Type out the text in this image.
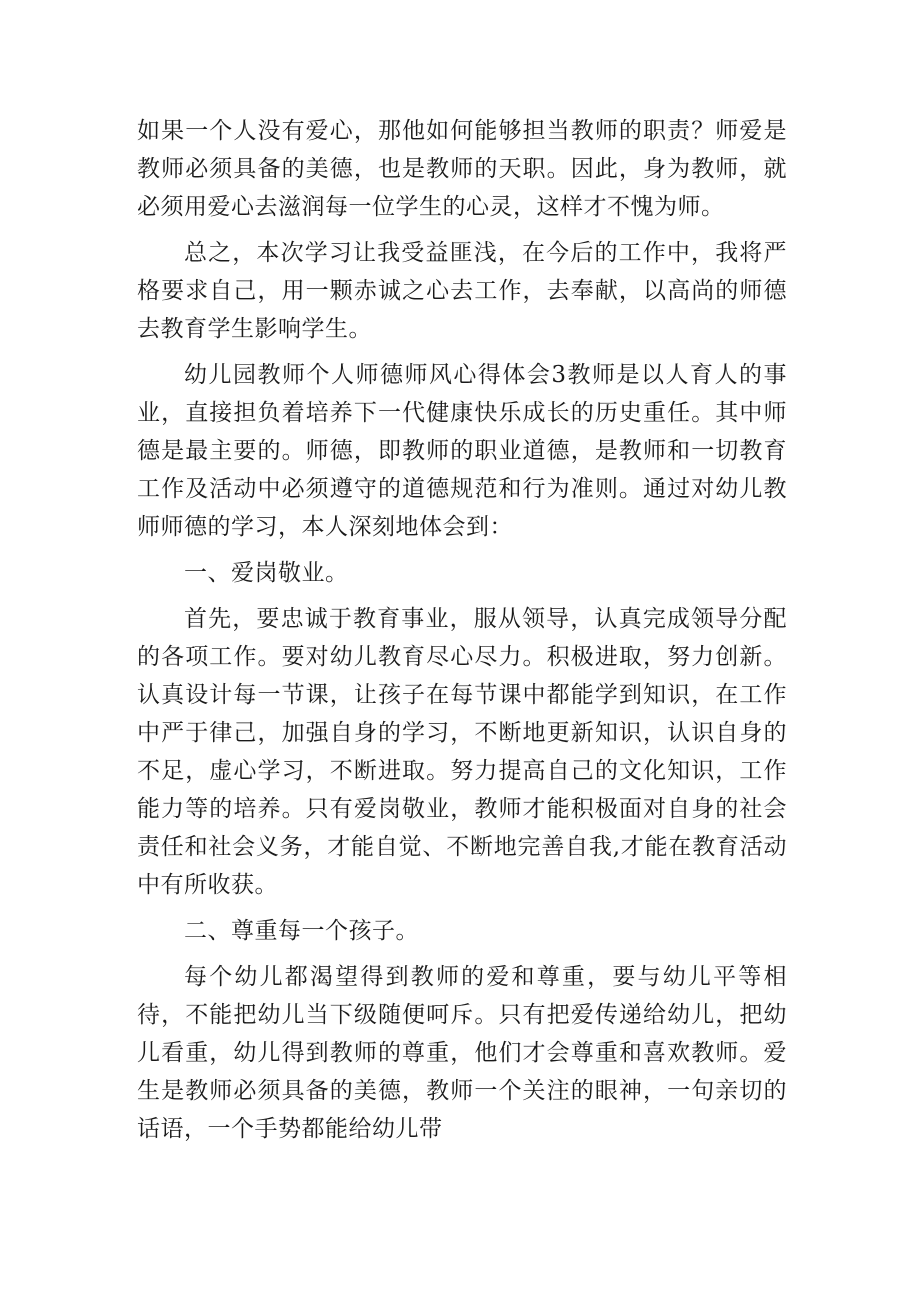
如果一个人没有爱心，那他如何能够担当教师的职责？师爱是教师必须具备的美德，也是教师的天职。因此，身为教师，就必须用爱心去滋润每一位学生的心灵，这样才不愧为师。

总之，本次学习让我受益匪浅，在今后的工作中，我将严格要求自己，用一颗赤诚之心去工作，去奉献，以高尚的师德去教育学生影响学生。

幼儿园教师个人师德师风心得体会3教师是以人育人的事业，直接担负着培养下一代健康快乐成长的历史重任。其中师德是最主要的。师德，即教师的职业道德，是教师和一切教育工作及活动中必须遵守的道德规范和行为准则。通过对幼儿教师师德的学习，本人深刻地体会到：

一、爱岗敬业。

首先，要忠诚于教育事业，服从领导，认真完成领导分配的各项工作。要对幼儿教育尽心尽力。积极进取，努力创新。认真设计每一节课，让孩子在每节课中都能学到知识，在工作中严于律己，加强自身的学习，不断地更新知识，认识自身的不足，虚心学习，不断进取。努力提高自己的文化知识，工作能力等的培养。只有爱岗敬业，教师才能积极面对自身的社会责任和社会义务，才能自觉、不断地完善自我,才能在教育活动中有所收获。

二、尊重每一个孩子。

每个幼儿都渴望得到教师的爱和尊重，要与幼儿平等相待，不能把幼儿当下级随便呵斥。只有把爱传递给幼儿，把幼儿看重，幼儿得到教师的尊重，他们才会尊重和喜欢教师。爱生是教师必须具备的美德，教师一个关注的眼神，一句亲切的话语，一个手势都能给幼儿带
